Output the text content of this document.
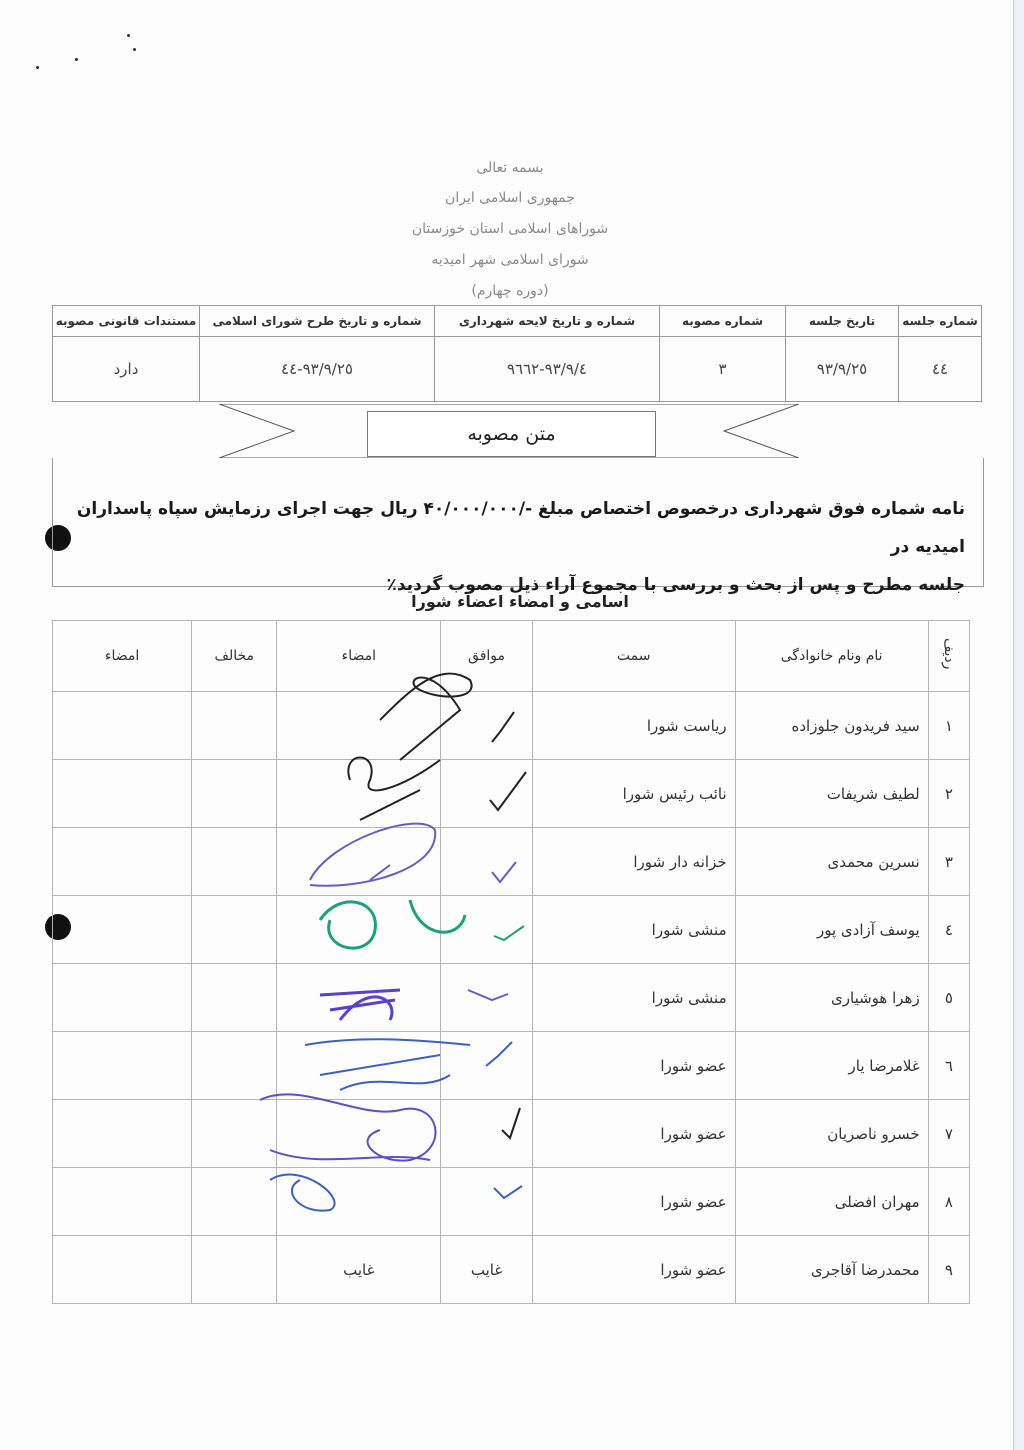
بسمه تعالی
جمهوری اسلامی ایران
شوراهای اسلامی استان خوزستان
شورای اسلامی شهر امیدیه
(دوره چهارم)
شماره جلسه	تاریخ جلسه	شماره مصوبه	شماره و تاریخ لایحه شهرداری	شماره و تاریخ طرح شورای اسلامی	مستندات قانونی مصوبه
٤٤	٩٣/٩/٢٥	٣	٩٣/٩/٤-٩٦٦٢	٩٣/٩/٢٥-٤٤	دارد
متن مصوبه
نامه شماره فوق شهرداری درخصوص اختصاص مبلغ -/۴۰/۰۰۰/۰۰۰ ریال جهت اجرای رزمایش سپاه پاسداران امیدیه در
جلسه مطرح و پس از بحث و بررسی با مجموع آراء ذیل مصوب گردید٪
اسامی و امضاء اعضاء شورا
ردیف	نام ونام خانوادگی	سمت	موافق	امضاء	مخالف	امضاء
۱	سید فریدون جلوزاده	ریاست شورا				
۲	لطیف شریفات	نائب رئیس شورا				
۳	نسرین محمدی	خزانه دار شورا				
٤	یوسف آزادی پور	منشی شورا				
٥	زهرا هوشیاری	منشی شورا				
٦	غلامرضا یار	عضو شورا				
۷	خسرو ناصریان	عضو شورا				
۸	مهران افضلی	عضو شورا				
٩	محمدرضا آقاجری	عضو شورا	غایب	غایب		
